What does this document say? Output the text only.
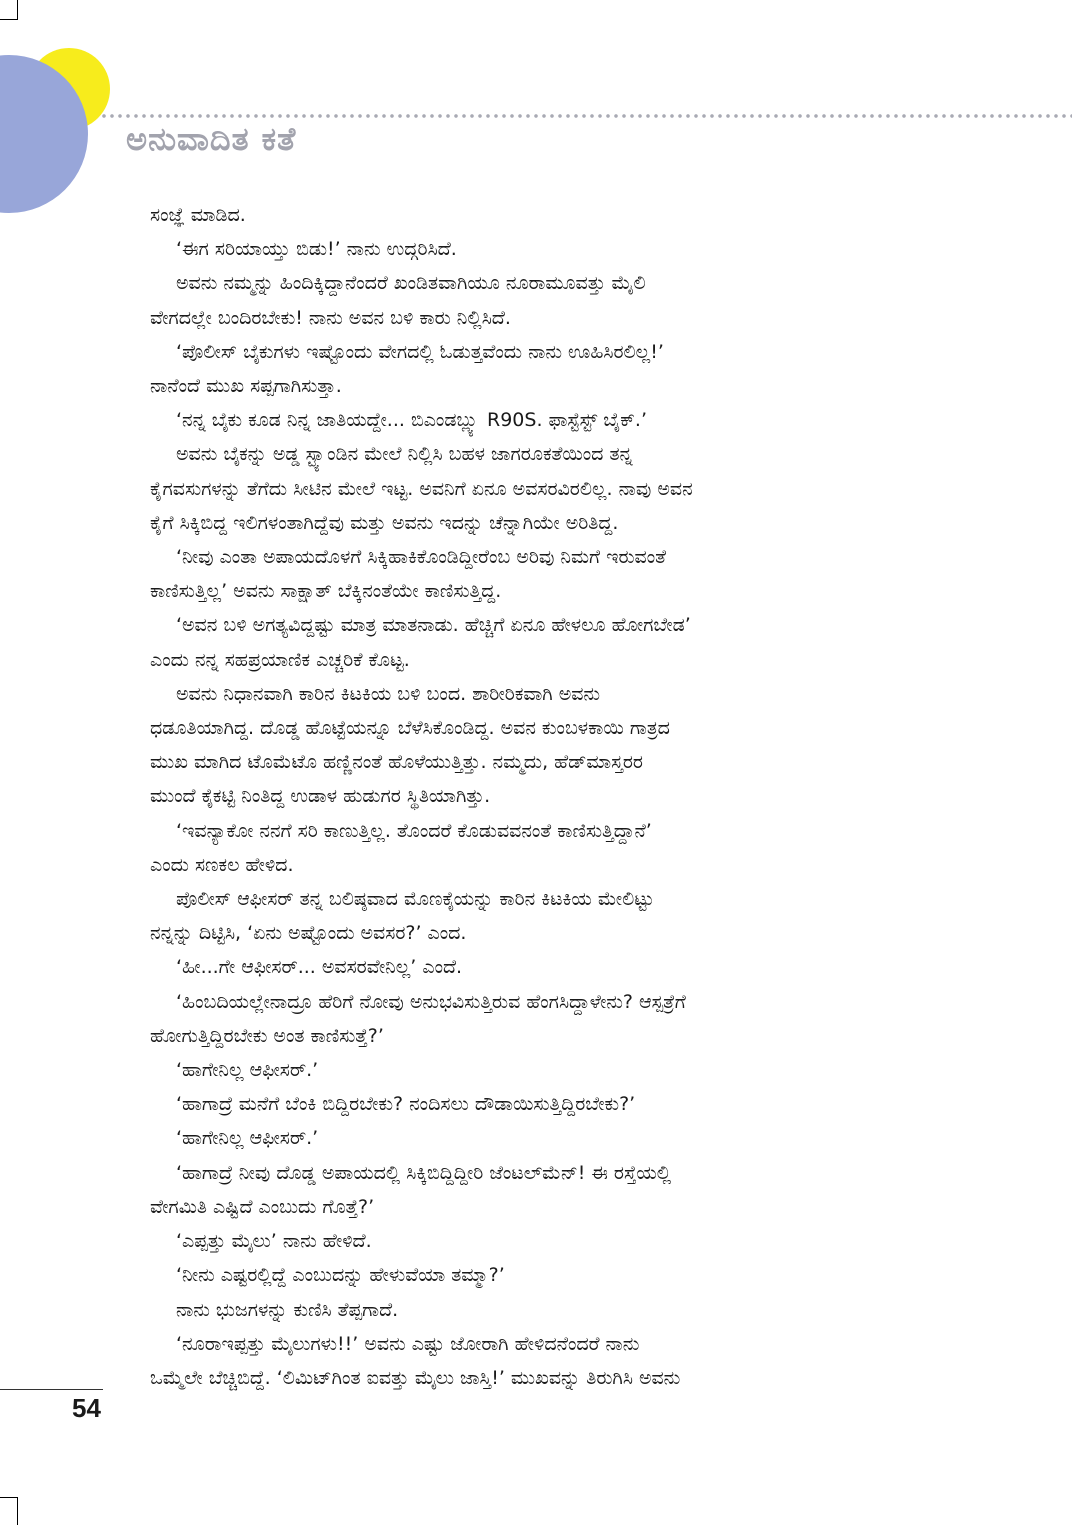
ಅನುವಾದಿತ ಕತೆ

ಸಂಜ್ಞೆ ಮಾಡಿದ.

‘ಈಗ ಸರಿಯಾಯ್ತು ಬಿಡು!’ ನಾನು ಉದ್ಗರಿಸಿದೆ.

ಅವನು ನಮ್ಮನ್ನು ಹಿಂದಿಕ್ಕಿದ್ದಾನೆಂದರೆ ಖಂಡಿತವಾಗಿಯೂ ನೂರಾಮೂವತ್ತು ಮೈಲಿ

ವೇಗದಲ್ಲೇ ಬಂದಿರಬೇಕು! ನಾನು ಅವನ ಬಳಿ ಕಾರು ನಿಲ್ಲಿಸಿದೆ.

‘ಪೊಲೀಸ್ ಬೈಕುಗಳು ಇಷ್ಟೊಂದು ವೇಗದಲ್ಲಿ ಓಡುತ್ತವೆಂದು ನಾನು ಊಹಿಸಿರಲಿಲ್ಲ!’

ನಾನೆಂದೆ ಮುಖ ಸಪ್ಪಗಾಗಿಸುತ್ತಾ.

‘ನನ್ನ ಬೈಕು ಕೂಡ ನಿನ್ನ ಜಾತಿಯದ್ದೇ... ಬಿಎಂಡಬ್ಲ್ಯು R90S. ಫಾಸ್ಟೆಸ್ಟ್ ಬೈಕ್.’

ಅವನು ಬೈಕನ್ನು ಅಡ್ಡ ಸ್ಟ್ಯಾಂಡಿನ ಮೇಲೆ ನಿಲ್ಲಿಸಿ ಬಹಳ ಜಾಗರೂಕತೆಯಿಂದ ತನ್ನ

ಕೈಗವಸುಗಳನ್ನು ತೆಗೆದು ಸೀಟಿನ ಮೇಲೆ ಇಟ್ಟ. ಅವನಿಗೆ ಏನೂ ಅವಸರವಿರಲಿಲ್ಲ. ನಾವು ಅವನ

ಕೈಗೆ ಸಿಕ್ಕಿಬಿದ್ದ ಇಲಿಗಳಂತಾಗಿದ್ದೆವು ಮತ್ತು ಅವನು ಇದನ್ನು ಚೆನ್ನಾಗಿಯೇ ಅರಿತಿದ್ದ.

‘ನೀವು ಎಂತಾ ಅಪಾಯದೊಳಗೆ ಸಿಕ್ಕಿಹಾಕಿಕೊಂಡಿದ್ದೀರೆಂಬ ಅರಿವು ನಿಮಗೆ ಇರುವಂತೆ

ಕಾಣಿಸುತ್ತಿಲ್ಲ’ ಅವನು ಸಾಕ್ಷಾತ್ ಬೆಕ್ಕಿನಂತೆಯೇ ಕಾಣಿಸುತ್ತಿದ್ದ.

‘ಅವನ ಬಳಿ ಅಗತ್ಯವಿದ್ದಷ್ಟು ಮಾತ್ರ ಮಾತನಾಡು. ಹೆಚ್ಚಿಗೆ ಏನೂ ಹೇಳಲೂ ಹೋಗಬೇಡ’

ಎಂದು ನನ್ನ ಸಹಪ್ರಯಾಣಿಕ ಎಚ್ಚರಿಕೆ ಕೊಟ್ಟ.

ಅವನು ನಿಧಾನವಾಗಿ ಕಾರಿನ ಕಿಟಕಿಯ ಬಳಿ ಬಂದ. ಶಾರೀರಿಕವಾಗಿ ಅವನು

ಧಡೂತಿಯಾಗಿದ್ದ. ದೊಡ್ಡ ಹೊಟ್ಟೆಯನ್ನೂ ಬೆಳೆಸಿಕೊಂಡಿದ್ದ. ಅವನ ಕುಂಬಳಕಾಯಿ ಗಾತ್ರದ

ಮುಖ ಮಾಗಿದ ಟೊಮೆಟೊ ಹಣ್ಣಿನಂತೆ ಹೊಳೆಯುತ್ತಿತ್ತು. ನಮ್ಮದು, ಹೆಡ್‌ಮಾಸ್ತರರ

ಮುಂದೆ ಕೈಕಟ್ಟಿ ನಿಂತಿದ್ದ ಉಡಾಳ ಹುಡುಗರ ಸ್ಥಿತಿಯಾಗಿತ್ತು.

‘ಇವನ್ಯಾಕೋ ನನಗೆ ಸರಿ ಕಾಣುತ್ತಿಲ್ಲ. ತೊಂದರೆ ಕೊಡುವವನಂತೆ ಕಾಣಿಸುತ್ತಿದ್ದಾನೆ’

ಎಂದು ಸಣಕಲ ಹೇಳಿದ.

ಪೊಲೀಸ್ ಆಫೀಸರ್ ತನ್ನ ಬಲಿಷ್ಠವಾದ ಮೊಣಕೈಯನ್ನು ಕಾರಿನ ಕಿಟಕಿಯ ಮೇಲಿಟ್ಟು

ನನ್ನನ್ನು ದಿಟ್ಟಿಸಿ, ‘ಏನು ಅಷ್ಟೊಂದು ಅವಸರ?’ ಎಂದ.

‘ಹೀ...ಗೇ ಆಫೀಸರ್... ಅವಸರವೇನಿಲ್ಲ’ ಎಂದೆ.

‘ಹಿಂಬದಿಯಲ್ಲೇನಾದ್ರೂ ಹೆರಿಗೆ ನೋವು ಅನುಭವಿಸುತ್ತಿರುವ ಹೆಂಗಸಿದ್ದಾಳೇನು? ಆಸ್ಪತ್ರೆಗೆ

ಹೋಗುತ್ತಿದ್ದಿರಬೇಕು ಅಂತ ಕಾಣಿಸುತ್ತೆ?’

‘ಹಾಗೇನಿಲ್ಲ ಆಫೀಸರ್.’

‘ಹಾಗಾದ್ರೆ ಮನೆಗೆ ಬೆಂಕಿ ಬಿದ್ದಿರಬೇಕು? ನಂದಿಸಲು ದೌಡಾಯಿಸುತ್ತಿದ್ದಿರಬೇಕು?’

‘ಹಾಗೇನಿಲ್ಲ ಆಫೀಸರ್.’

‘ಹಾಗಾದ್ರೆ ನೀವು ದೊಡ್ಡ ಅಪಾಯದಲ್ಲಿ ಸಿಕ್ಕಿಬಿದ್ದಿದ್ದೀರಿ ಜೆಂಟಲ್‌ಮೆನ್! ಈ ರಸ್ತೆಯಲ್ಲಿ

ವೇಗಮಿತಿ ಎಷ್ಟಿದೆ ಎಂಬುದು ಗೊತ್ತೆ?’

‘ಎಪ್ಪತ್ತು ಮೈಲು’ ನಾನು ಹೇಳಿದೆ.

‘ನೀನು ಎಷ್ಟರಲ್ಲಿದ್ದೆ ಎಂಬುದನ್ನು ಹೇಳುವೆಯಾ ತಮ್ಮಾ?’

ನಾನು ಭುಜಗಳನ್ನು ಕುಣಿಸಿ ತೆಪ್ಪಗಾದೆ.

‘ನೂರಾಇಪ್ಪತ್ತು ಮೈಲುಗಳು!!’ ಅವನು ಎಷ್ಟು ಜೋರಾಗಿ ಹೇಳಿದನೆಂದರೆ ನಾನು

ಒಮ್ಮೆಲೇ ಬೆಚ್ಚಿಬಿದ್ದೆ. ‘ಲಿಮಿಟ್‌ಗಿಂತ ಐವತ್ತು ಮೈಲು ಜಾಸ್ತಿ!’ ಮುಖವನ್ನು ತಿರುಗಿಸಿ ಅವನು

54
